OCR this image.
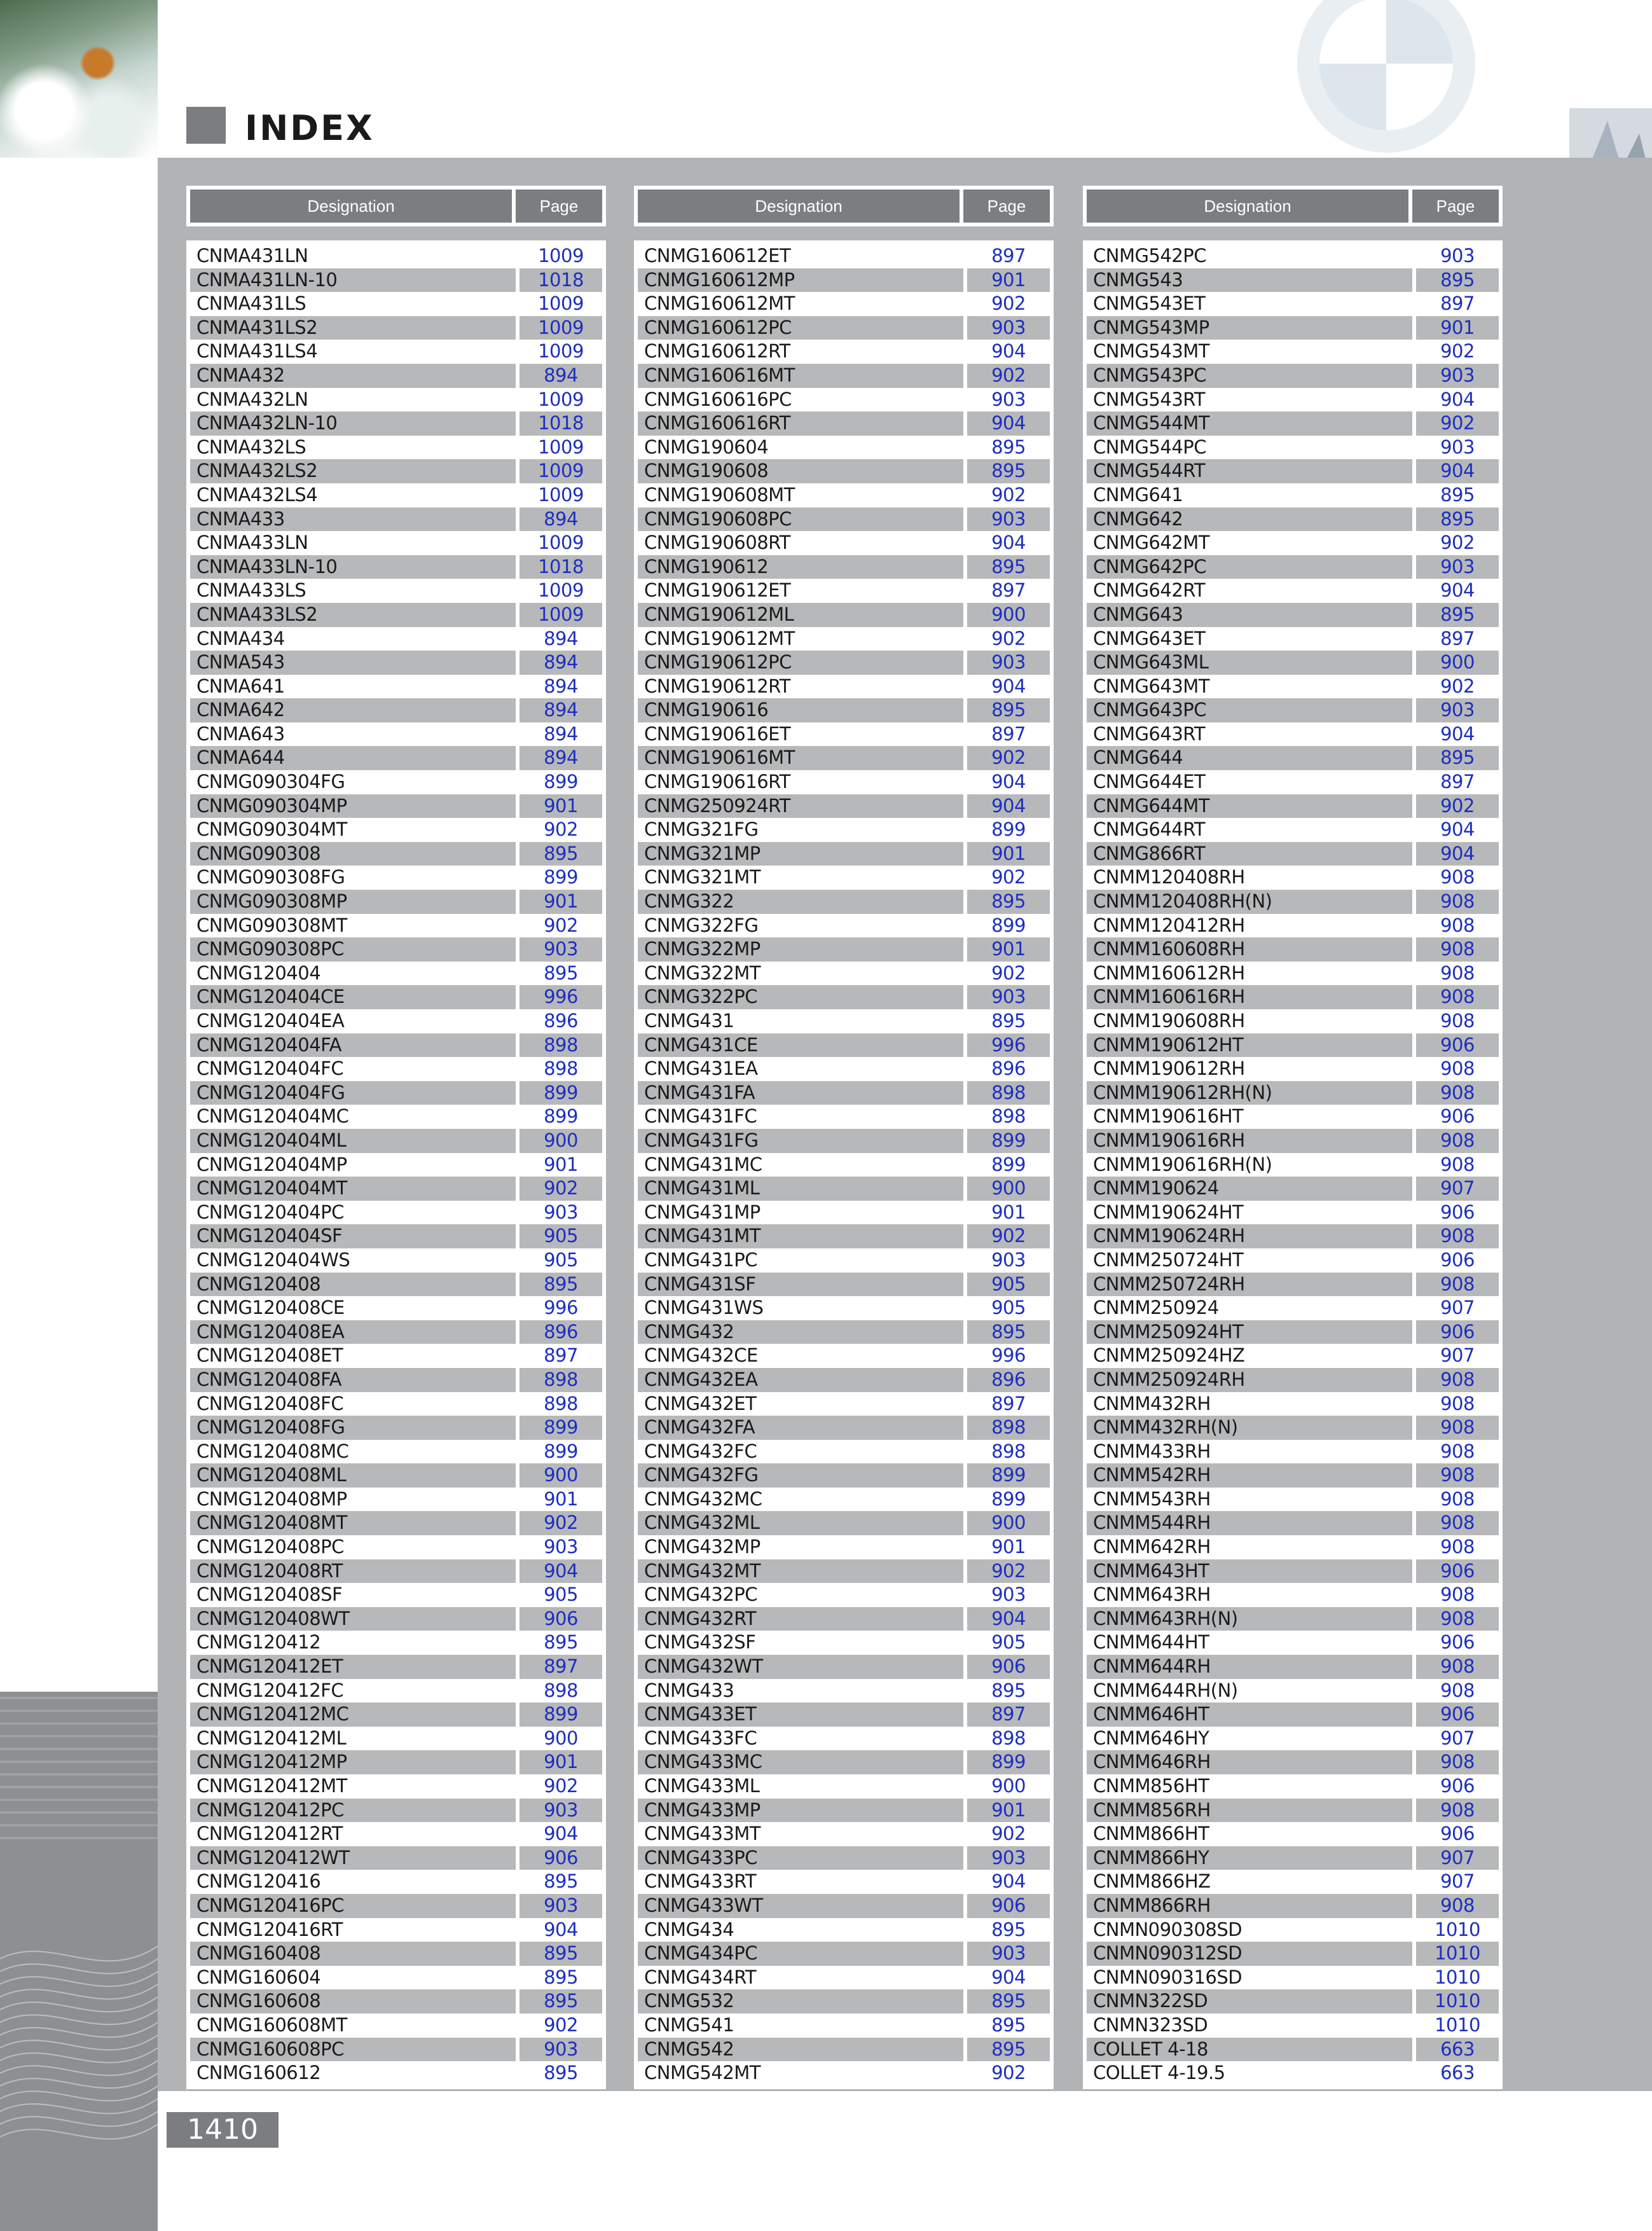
INDEX
Designation	Page
CNMA431LN	1009
CNMA431LN-10	1018
CNMA431LS	1009
CNMA431LS2	1009
CNMA431LS4	1009
CNMA432	894
CNMA432LN	1009
CNMA432LN-10	1018
CNMA432LS	1009
CNMA432LS2	1009
CNMA432LS4	1009
CNMA433	894
CNMA433LN	1009
CNMA433LN-10	1018
CNMA433LS	1009
CNMA433LS2	1009
CNMA434	894
CNMA543	894
CNMA641	894
CNMA642	894
CNMA643	894
CNMA644	894
CNMG090304FG	899
CNMG090304MP	901
CNMG090304MT	902
CNMG090308	895
CNMG090308FG	899
CNMG090308MP	901
CNMG090308MT	902
CNMG090308PC	903
CNMG120404	895
CNMG120404CE	996
CNMG120404EA	896
CNMG120404FA	898
CNMG120404FC	898
CNMG120404FG	899
CNMG120404MC	899
CNMG120404ML	900
CNMG120404MP	901
CNMG120404MT	902
CNMG120404PC	903
CNMG120404SF	905
CNMG120404WS	905
CNMG120408	895
CNMG120408CE	996
CNMG120408EA	896
CNMG120408ET	897
CNMG120408FA	898
CNMG120408FC	898
CNMG120408FG	899
CNMG120408MC	899
CNMG120408ML	900
CNMG120408MP	901
CNMG120408MT	902
CNMG120408PC	903
CNMG120408RT	904
CNMG120408SF	905
CNMG120408WT	906
CNMG120412	895
CNMG120412ET	897
CNMG120412FC	898
CNMG120412MC	899
CNMG120412ML	900
CNMG120412MP	901
CNMG120412MT	902
CNMG120412PC	903
CNMG120412RT	904
CNMG120412WT	906
CNMG120416	895
CNMG120416PC	903
CNMG120416RT	904
CNMG160408	895
CNMG160604	895
CNMG160608	895
CNMG160608MT	902
CNMG160608PC	903
CNMG160612	895
Designation	Page
CNMG160612ET	897
CNMG160612MP	901
CNMG160612MT	902
CNMG160612PC	903
CNMG160612RT	904
CNMG160616MT	902
CNMG160616PC	903
CNMG160616RT	904
CNMG190604	895
CNMG190608	895
CNMG190608MT	902
CNMG190608PC	903
CNMG190608RT	904
CNMG190612	895
CNMG190612ET	897
CNMG190612ML	900
CNMG190612MT	902
CNMG190612PC	903
CNMG190612RT	904
CNMG190616	895
CNMG190616ET	897
CNMG190616MT	902
CNMG190616RT	904
CNMG250924RT	904
CNMG321FG	899
CNMG321MP	901
CNMG321MT	902
CNMG322	895
CNMG322FG	899
CNMG322MP	901
CNMG322MT	902
CNMG322PC	903
CNMG431	895
CNMG431CE	996
CNMG431EA	896
CNMG431FA	898
CNMG431FC	898
CNMG431FG	899
CNMG431MC	899
CNMG431ML	900
CNMG431MP	901
CNMG431MT	902
CNMG431PC	903
CNMG431SF	905
CNMG431WS	905
CNMG432	895
CNMG432CE	996
CNMG432EA	896
CNMG432ET	897
CNMG432FA	898
CNMG432FC	898
CNMG432FG	899
CNMG432MC	899
CNMG432ML	900
CNMG432MP	901
CNMG432MT	902
CNMG432PC	903
CNMG432RT	904
CNMG432SF	905
CNMG432WT	906
CNMG433	895
CNMG433ET	897
CNMG433FC	898
CNMG433MC	899
CNMG433ML	900
CNMG433MP	901
CNMG433MT	902
CNMG433PC	903
CNMG433RT	904
CNMG433WT	906
CNMG434	895
CNMG434PC	903
CNMG434RT	904
CNMG532	895
CNMG541	895
CNMG542	895
CNMG542MT	902
Designation	Page
CNMG542PC	903
CNMG543	895
CNMG543ET	897
CNMG543MP	901
CNMG543MT	902
CNMG543PC	903
CNMG543RT	904
CNMG544MT	902
CNMG544PC	903
CNMG544RT	904
CNMG641	895
CNMG642	895
CNMG642MT	902
CNMG642PC	903
CNMG642RT	904
CNMG643	895
CNMG643ET	897
CNMG643ML	900
CNMG643MT	902
CNMG643PC	903
CNMG643RT	904
CNMG644	895
CNMG644ET	897
CNMG644MT	902
CNMG644RT	904
CNMG866RT	904
CNMM120408RH	908
CNMM120408RH(N)	908
CNMM120412RH	908
CNMM160608RH	908
CNMM160612RH	908
CNMM160616RH	908
CNMM190608RH	908
CNMM190612HT	906
CNMM190612RH	908
CNMM190612RH(N)	908
CNMM190616HT	906
CNMM190616RH	908
CNMM190616RH(N)	908
CNMM190624	907
CNMM190624HT	906
CNMM190624RH	908
CNMM250724HT	906
CNMM250724RH	908
CNMM250924	907
CNMM250924HT	906
CNMM250924HZ	907
CNMM250924RH	908
CNMM432RH	908
CNMM432RH(N)	908
CNMM433RH	908
CNMM542RH	908
CNMM543RH	908
CNMM544RH	908
CNMM642RH	908
CNMM643HT	906
CNMM643RH	908
CNMM643RH(N)	908
CNMM644HT	906
CNMM644RH	908
CNMM644RH(N)	908
CNMM646HT	906
CNMM646HY	907
CNMM646RH	908
CNMM856HT	906
CNMM856RH	908
CNMM866HT	906
CNMM866HY	907
CNMM866HZ	907
CNMM866RH	908
CNMN090308SD	1010
CNMN090312SD	1010
CNMN090316SD	1010
CNMN322SD	1010
CNMN323SD	1010
COLLET 4-18	663
COLLET 4-19.5	663
1410
